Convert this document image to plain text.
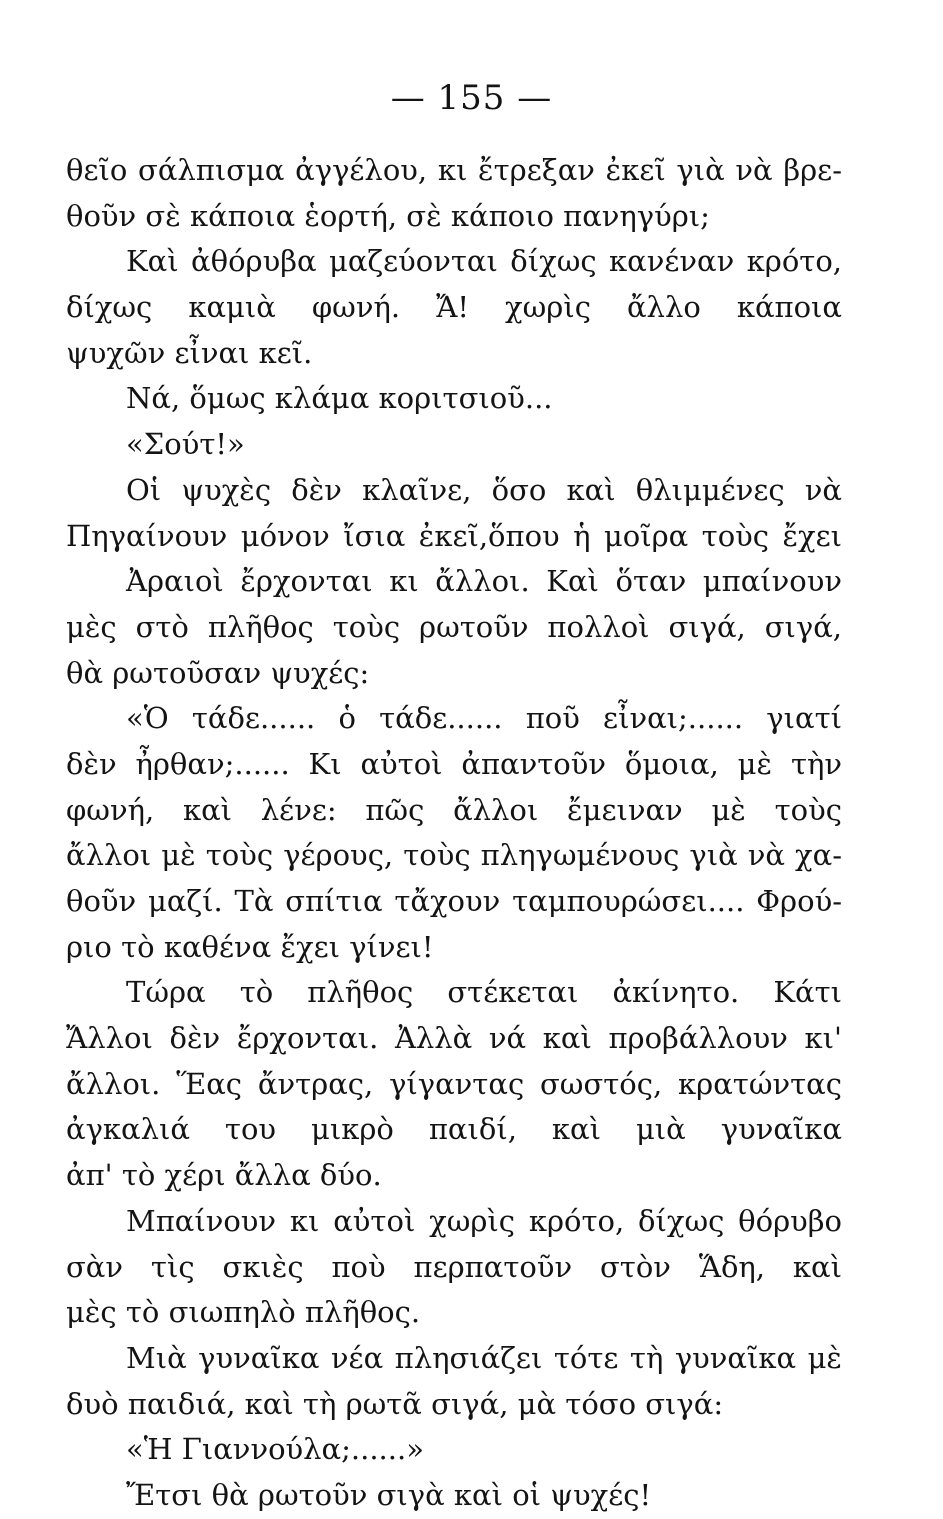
— 155 —
θεῖο σάλπισμα ἀγγέλου, κι ἔτρεξαν ἐκεῖ γιὰ νὰ βρε-
θοῦν σὲ κάποια ἑορτή, σὲ κάποιο πανηγύρι;
Καὶ ἀθόρυβα μαζεύονται δίχως κανέναν κρότο,
δίχως καμιὰ φωνή. Ἄ! χωρὶς ἄλλο κάποια
ψυχῶν εἶναι κεῖ.
Νά, ὅμως κλάμα κοριτσιοῦ...
«Σούτ!»
Οἱ ψυχὲς δὲν κλαῖνε, ὅσο καὶ θλιμμένες νὰ
Πηγαίνουν μόνον ἴσια ἐκεῖ,ὅπου ἡ μοῖρα τοὺς ἔχει
Ἀραιοὶ ἔρχονται κι ἄλλοι. Καὶ ὅταν μπαίνουν
μὲς στὸ πλῆθος τοὺς ρωτοῦν πολλοὶ σιγά, σιγά,
θὰ ρωτοῦσαν ψυχές:
«Ὁ τάδε...... ὁ τάδε...... ποῦ εἶναι;...... γιατί
δὲν ἦρθαν;...... Κι αὐτοὶ ἀπαντοῦν ὅμοια, μὲ τὴν
φωνή, καὶ λένε: πῶς ἄλλοι ἔμειναν μὲ τοὺς
ἄλλοι μὲ τοὺς γέρους, τοὺς πληγωμένους γιὰ νὰ χα-
θοῦν μαζί. Τὰ σπίτια τἄχουν ταμπουρώσει.... Φρού-
ριο τὸ καθένα ἔχει γίνει!
Τώρα τὸ πλῆθος στέκεται ἀκίνητο. Κάτι
Ἄλλοι δὲν ἔρχονται. Ἀλλὰ νά καὶ προβάλλουν κι'
ἄλλοι. Ἕας ἄντρας, γίγαντας σωστός, κρατώντας
ἀγκαλιά του μικρὸ παιδί, καὶ μιὰ γυναῖκα
ἀπ' τὸ χέρι ἄλλα δύο.
Μπαίνουν κι αὐτοὶ χωρὶς κρότο, δίχως θόρυβο
σὰν τὶς σκιὲς ποὺ περπατοῦν στὸν Ἅδη, καὶ
μὲς τὸ σιωπηλὸ πλῆθος.
Μιὰ γυναῖκα νέα πλησιάζει τότε τὴ γυναῖκα μὲ
δυὸ παιδιά, καὶ τὴ ρωτᾶ σιγά, μὰ τόσο σιγά:
«Ἡ Γιαννούλα;......»
Ἔτσι θὰ ρωτοῦν σιγὰ καὶ οἱ ψυχές!
